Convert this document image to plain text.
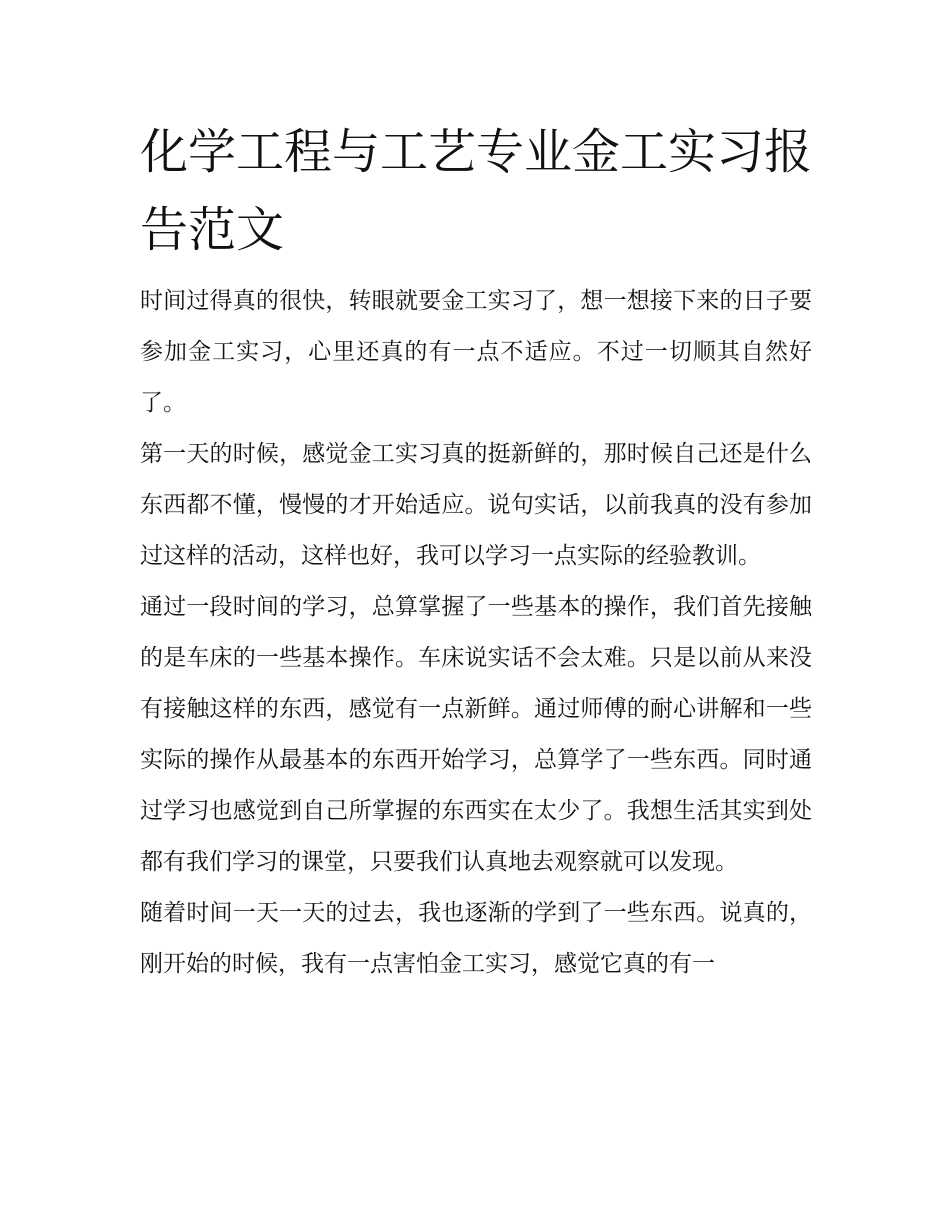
化学工程与工艺专业金工实习报告范文

时间过得真的很快，转眼就要金工实习了，想一想接下来的日子要参加金工实习，心里还真的有一点不适应。不过一切顺其自然好了。

第一天的时候，感觉金工实习真的挺新鲜的，那时候自己还是什么东西都不懂，慢慢的才开始适应。说句实话，以前我真的没有参加过这样的活动，这样也好，我可以学习一点实际的经验教训。

通过一段时间的学习，总算掌握了一些基本的操作，我们首先接触的是车床的一些基本操作。车床说实话不会太难。只是以前从来没有接触这样的东西，感觉有一点新鲜。通过师傅的耐心讲解和一些实际的操作从最基本的东西开始学习，总算学了一些东西。同时通过学习也感觉到自己所掌握的东西实在太少了。我想生活其实到处都有我们学习的课堂，只要我们认真地去观察就可以发现。

随着时间一天一天的过去，我也逐渐的学到了一些东西。说真的，刚开始的时候，我有一点害怕金工实习，感觉它真的有一
